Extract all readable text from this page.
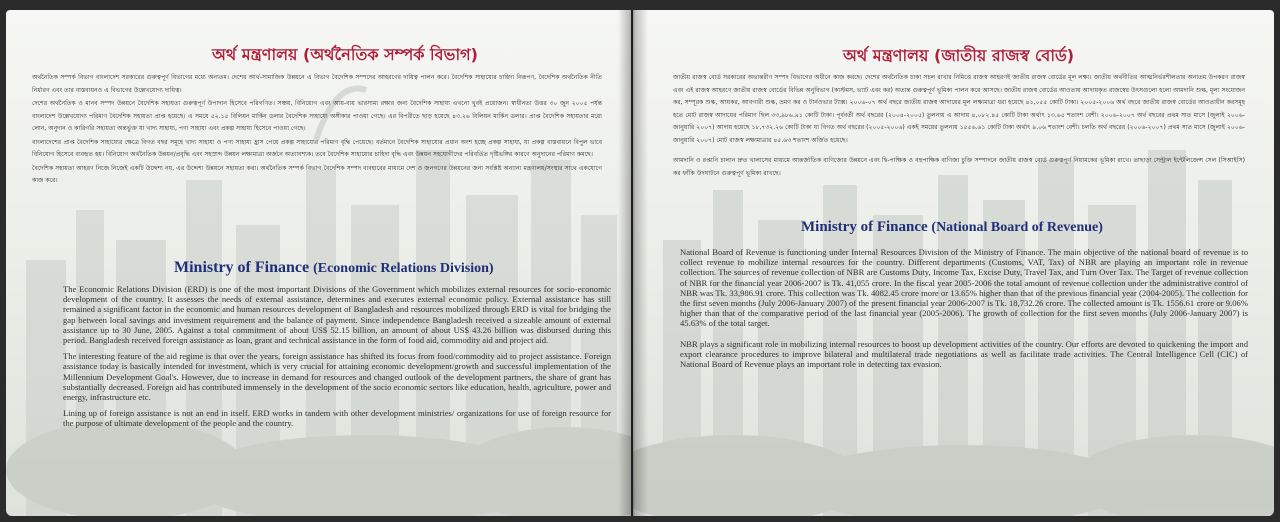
অর্থ মন্ত্রণালয় (অর্থনৈতিক সম্পর্ক বিভাগ)

অর্থনৈতিক সম্পর্ক বিভাগ বাংলাদেশ সরকারের গুরুত্বপূর্ণ বিভাগের মধ্যে অন্যতম। দেশের আর্থ-সামাজিক উন্নয়নে এ বিভাগ বৈদেশিক সম্পদের আহরণের দায়িত্ব পালন করে। বৈদেশিক সাহায্যের চাহিদা নিরূপণ, বৈদেশিক অর্থনৈতিক নীতি নির্ধারণ এবং তার বাস্তবায়নও এ বিভাগের উল্লেখযোগ্য দায়িত্ব।

দেশের অর্থনৈতিক ও মানব সম্পদ উন্নয়নে বৈদেশিক সহায়তা গুরুত্বপূর্ণ উপাদান হিসেবে পরিগণিত। সঞ্চয়, বিনিয়োগ এবং আয়-ব্যয় ভারসাম্য রক্ষার জন্য বৈদেশিক সাহায্য এখনো খুবই প্রয়োজন। স্বাধীনতা উত্তর ৩০ জুন ২০০৫ পর্যন্ত বাংলাদেশ উল্লেখযোগ্য পরিমাণ বৈদেশিক সহায়তা প্রাপ্ত হয়েছে। এ সময়ে ৫২.১৫ বিলিয়ন মার্কিন ডলার বৈদেশিক সাহায্যে অঙ্গীকার পাওয়া গেছে। এর বিপরীতে ছাড় হয়েছে ৪৩.২৬ বিলিয়ন মার্কিন ডলার। প্রাপ্ত বৈদেশিক সহায়তার মধ্যে লোন, অনুদান ও কারিগরি সহায়তা অন্তর্ভুক্ত যা খাদ্য সাহায্য, পণ্য সাহায্য এবং প্রকল্প সাহায্য হিসেবে পাওয়া গেছে।

বাংলাদেশের প্রাপ্ত বৈদেশিক সাহায্যের ক্ষেত্রে বিগত বছর সমূহে খাদ্য সাহায্য ও পণ্য সাহায্য হ্রাস পেয়ে প্রকল্প সাহায্যের পরিমাণ বৃদ্ধি পেয়েছে। বর্তমানে বৈদেশিক সাহায্যের প্রধান অংশ হচ্ছে প্রকল্প সাহায্য, যা প্রকল্প বাস্তবায়নে বিপুল ভাবে বিনিয়োগ হিসেবে ব্যবহৃত হয়। বিনিয়োগ অর্থনৈতিক উন্নয়ন/প্রবৃদ্ধি এবং সহস্রাব্দ উন্নয়ন লক্ষ্যমাত্রা অর্জনে অত্যাবশ্যক। তবে বৈদেশিক সাহায্যের চাহিদা বৃদ্ধি এবং উন্নয়ন সহযোগীদের পরিবর্তিত দৃষ্টিভঙ্গির কারণে অনুদানের পরিমাণ কমছে।

বৈদেশিক সহায়তা আহরণ নিজে নিজেই একটি উদ্দেশ্য নয়, এর উদ্দেশ্য উন্নয়নে সহায়তা করা। অর্থনৈতিক সম্পর্ক বিভাগ বৈদেশিক সম্পদ ব্যবহারের মাধ্যমে দেশ ও জনগণের উন্নয়নের জন্য সংশ্লিষ্ট অন্যান্য মন্ত্রণালয়/সংস্থার সাথে একযোগে কাজ করে।

Ministry of Finance (Economic Relations Division)

The Economic Relations Division (ERD) is one of the most important Divisions of the Government which mobilizes external resources for socio-economic development of the country. It assesses the needs of external assistance, determines and executes external economic policy. External assistance has still remained a significant factor in the economic and human resources development of Bangladesh and resources mobilized through ERD is vital for bridging the gap between local savings and investment requirement and the balance of payment. Since independence Bangladesh received a sizeable amount of external assistance up to 30 June, 2005. Against a total commitment of about US$ 52.15 billion, an amount of about US$ 43.26 billion was disbursed during this period. Bangladesh received foreign assistance as loan, grant and technical assistance in the form of food aid, commodity aid and project aid.

The interesting feature of the aid regime is that over the years, foreign assistance has shifted its focus from food/commodity aid to project assistance. Foreign assistance today is basically intended for investment, which is very crucial for attaining economic development/growth and successful implementation of the Millennium Development Goal's. However, due to increase in demand for resources and changed outlook of the development partners, the share of grant has substantially decreased. Foreign aid has contributed immensely in the development of the socio economic sectors like education, health, agriculture, power and energy, infrastructure etc.

Lining up of foreign assistance is not an end in itself. ERD works in tandem with other development ministries/ organizations for use of foreign resource for the purpose of ultimate development of the people and the country.

অর্থ মন্ত্রণালয় (জাতীয় রাজস্ব বোর্ড)

জাতীয় রাজস্ব বোর্ড সরকারের অভ্যন্তরীণ সম্পদ বিভাগের অধীনে কাজ করছে। দেশের অর্থনৈতিক চাকা সচল রাখার নিমিত্তে রাজস্ব আহরণই জাতীয় রাজস্ব বোর্ডের মূল লক্ষ্য। জাতীয় অর্থনীতির আত্মনির্ভরশীলতার অন্যতম উপকরণ রাজস্ব এবং এই রাজস্ব আহরণে জাতীয় রাজস্ব বোর্ডের বিভিন্ন অনুবিভাগ (কাস্টমস, ভ্যাট এবং কর) অত্যন্ত গুরুত্বপূর্ণ ভূমিকা পালন করে আসছে। জাতীয় রাজস্ব বোর্ডের আওতায় আদায়কৃত রাজস্বের উৎসগুলো হলো আমদানি শুল্ক, মূল্য সংযোজন কর, সম্পূরক শুল্ক, আয়কর, আবগারী শুল্ক, ভ্রমণ কর ও টার্নওভার ট্যাক্স। ২০০৬-০৭ অর্থ বছরে জাতীয় রাজস্ব আদায়ের মূল লক্ষ্যমাত্রা ধরা হয়েছে ৪১,০৫৫ কোটি টাকা। ২০০৫-২০০৬ অর্থ বছরে জাতীয় রাজস্ব বোর্ডের আওতাধীন করসমূহ হতে মোট রাজস্ব আদায়ের পরিমাণ ছিল ৩৩,৯৮৬.৯১ কোটি টাকা। পূর্ববর্তী অর্থ বছরের (২০০৪-২০০৫) তুলনায় এ আদায় ৪,০৮২.৪৫ কোটি টাকা অর্থাৎ ১৩.৬৫ শতাংশ বেশী। ২০০৬-২০০৭ অর্থ বছরের প্রথম সাত মাসে (জুলাই ২০০৬-জানুয়ারি ২০০৭) আদায় হয়েছে ১৮,৭৩২.২৬ কোটি টাকা যা বিগত অর্থ বছরের (২০০৫-২০০৬) একই সময়ের তুলনায় ১৫৫৬.৬১ কোটি টাকা অর্থাৎ ৯.০৬ শতাংশ বেশী। চলতি অর্থ বছরের (২০০৬-২০০৭) প্রথম সাত মাসে (জুলাই ২০০৬-জানুয়ারি ২০০৭) মোট রাজস্ব লক্ষ্যমাত্রার ৪৫.৬৩ শতাংশ অর্জিত হয়েছে।

আমদানি ও রপ্তানি চালান দ্রুত খালাসের মাধ্যমে আন্তর্জাতিক বাণিজ্যের উন্নয়নে এবং দ্বি-পাক্ষিক ও বহুপাক্ষিক বাণিজ্য চুক্তি সম্পাদনে জাতীয় রাজস্ব বোর্ড গুরুত্বপূর্ণ নিয়ামকের ভূমিকা রাখে। তাছাড়া সেন্ট্রাল ইন্টেলিজেন্স সেল (সিআইসি) কর ফাঁকি উদঘাটনে গুরুত্বপূর্ণ ভূমিকা রাখছে।

Ministry of Finance (National Board of Revenue)

National Board of Revenue is functioning under Internal Resources Division of the Ministry of Finance. The main objective of the national board of revenue is to collect revenue to mobilize internal resources for the country. Different departments (Customs, VAT, Tax) of NBR are playing an important role in revenue collection. The sources of revenue collection of NBR are Customs Duty, Income Tax, Excise Duty, Travel Tax, and Turn Over Tax. The Target of revenue collection of NBR for the financial year 2006-2007 is Tk. 41,055 crore. In the fiscal year 2005-2006 the total amount of revenue collection under the administrative control of NBR was Tk. 33,986.91 crore. This collection was Tk. 4082.45 crore more or 13.65% higher than that of the previous financial year (2004-2005). The collection for the first seven months (July 2006-January 2007) of the present financial year 2006-2007 is Tk. 18,732.26 crore. The collected amount is Tk. 1556.61 crore or 9.06% higher than that of the comparative period of the last financial year (2005-2006). The growth of collection for the first seven months (July 2006-January 2007) is 45.63% of the total target.

NBR plays a significant role in mobilizing internal resources to boost up development activities of the country. Our efforts are devoted to quickening the import and export clearance procedures to improve bilateral and multilateral trade negotiations as well as facilitate trade activities. The Central Intelligence Cell (CIC) of National Board of Revenue plays an important role in detecting tax evasion.
